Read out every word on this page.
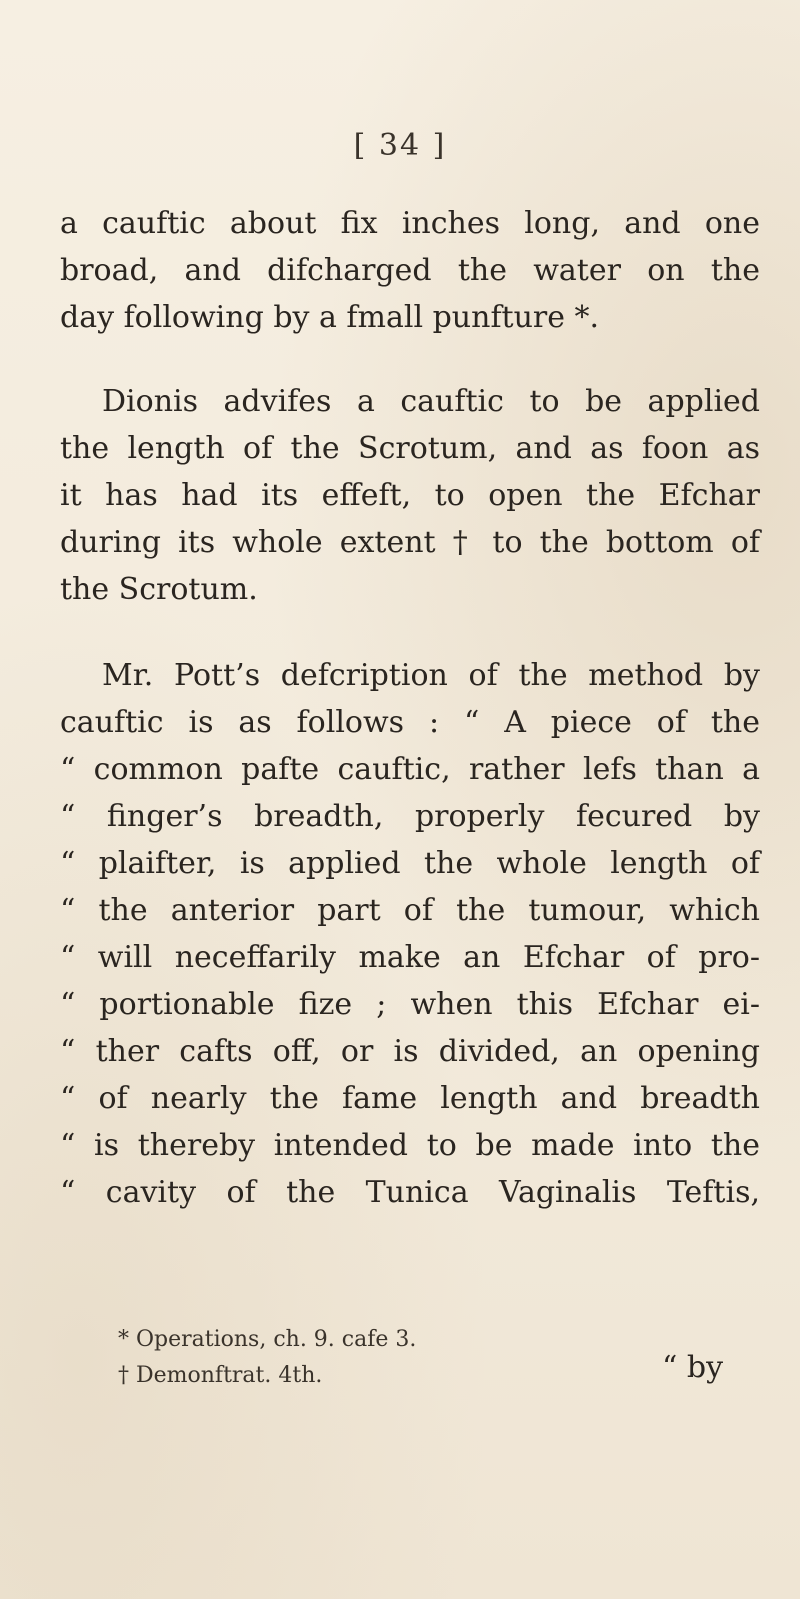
[ 34 ]
a cauftic about fix inches long, and one
broad, and difcharged the water on the
day following by a fmall punfture *.
Dionis advifes a cauftic to be applied
the length of the Scrotum, and as foon as
it has had its effeft, to open the Efchar
during its whole extent † to the bottom of
the Scrotum.
Mr. Pott’s defcription of the method by
cauftic is as follows : “ A piece of the
“ common pafte cauftic, rather lefs than a
“ finger’s breadth, properly fecured by
“ plaifter, is applied the whole length of
“ the anterior part of the tumour, which
“ will neceffarily make an Efchar of pro-
“ portionable fize ; when this Efchar ei-
“ ther cafts off, or is divided, an opening
“ of nearly the fame length and breadth
“ is thereby intended to be made into the
“ cavity of the Tunica Vaginalis Teftis,
* Operations, ch. 9. cafe 3.
† Demonftrat. 4th.	“ by
